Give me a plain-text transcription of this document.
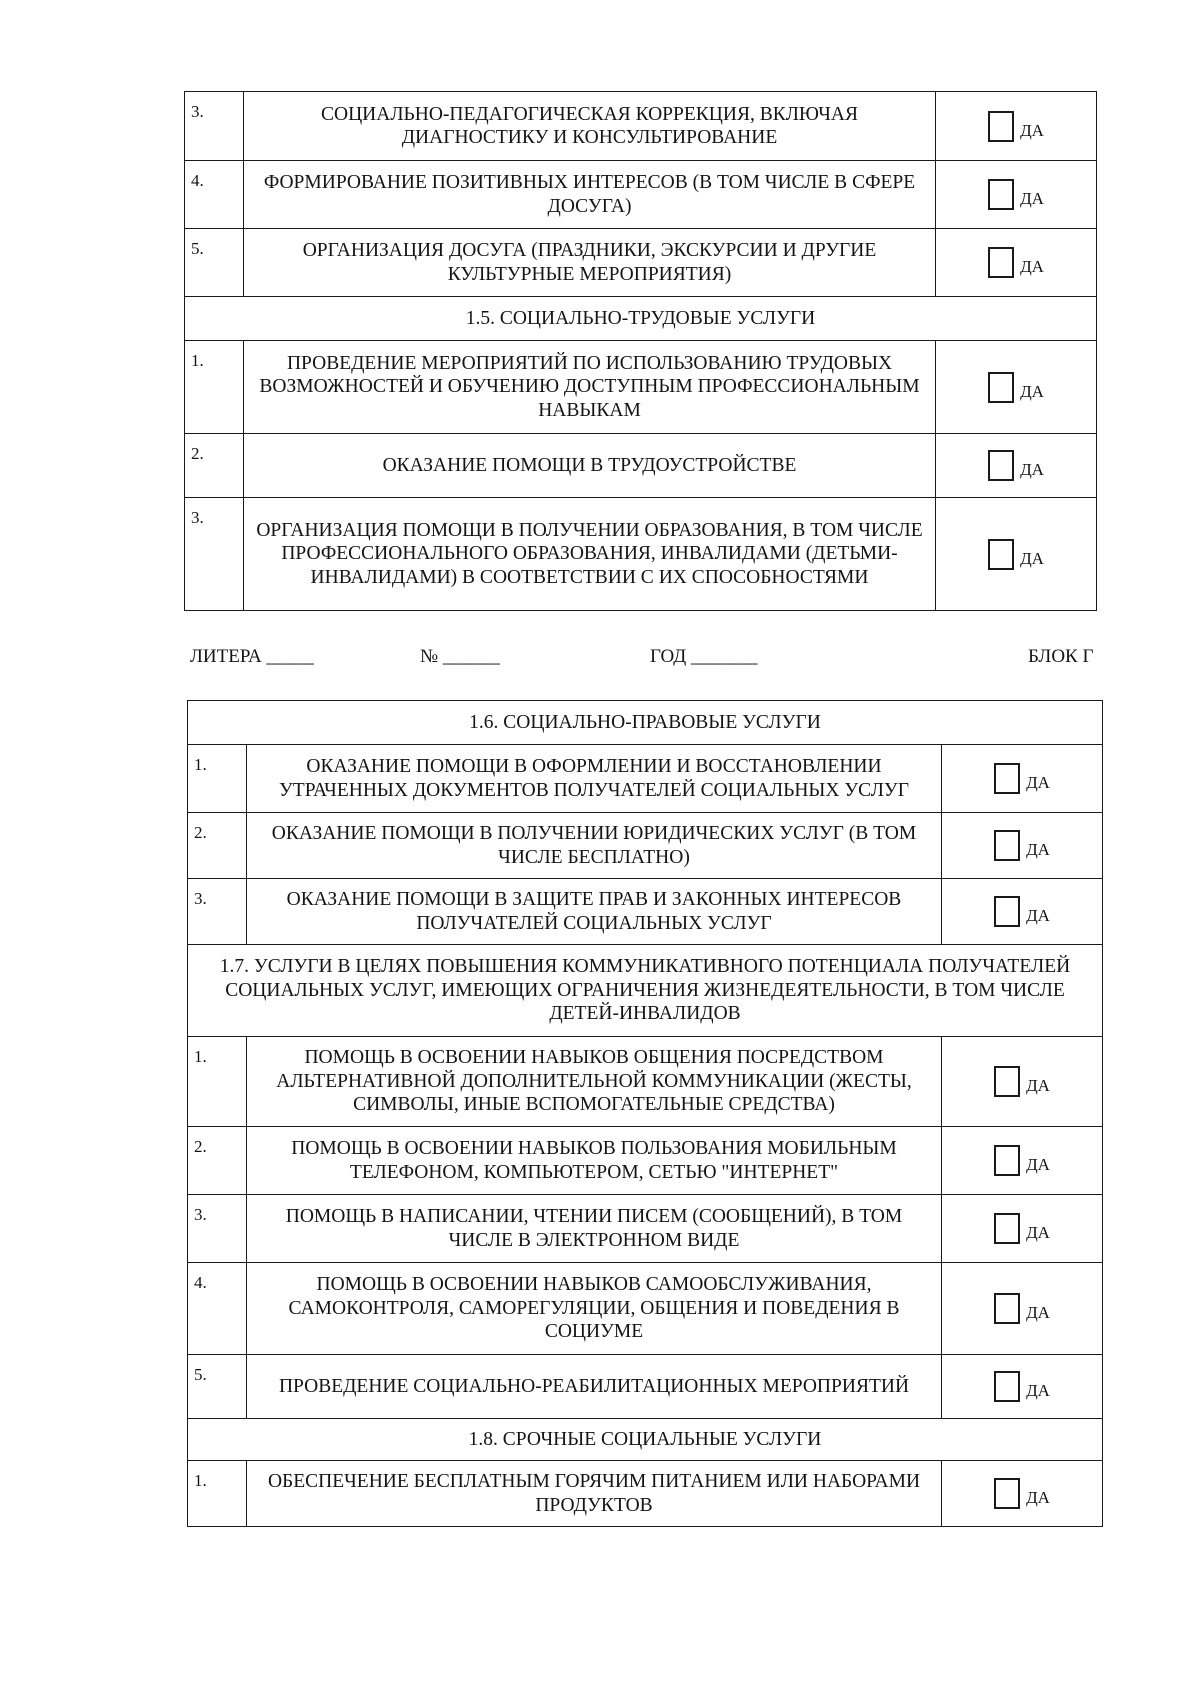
3.	СОЦИАЛЬНО-ПЕДАГОГИЧЕСКАЯ КОРРЕКЦИЯ, ВКЛЮЧАЯ ДИАГНОСТИКУ И КОНСУЛЬТИРОВАНИЕ	ДА
4.	ФОРМИРОВАНИЕ ПОЗИТИВНЫХ ИНТЕРЕСОВ (В ТОМ ЧИСЛЕ В СФЕРЕ ДОСУГА)	ДА
5.	ОРГАНИЗАЦИЯ ДОСУГА (ПРАЗДНИКИ, ЭКСКУРСИИ И ДРУГИЕ КУЛЬТУРНЫЕ МЕРОПРИЯТИЯ)	ДА
1.5. СОЦИАЛЬНО-ТРУДОВЫЕ УСЛУГИ		
1.	ПРОВЕДЕНИЕ МЕРОПРИЯТИЙ ПО ИСПОЛЬЗОВАНИЮ ТРУДОВЫХ ВОЗМОЖНОСТЕЙ И ОБУЧЕНИЮ ДОСТУПНЫМ ПРОФЕССИОНАЛЬНЫМ НАВЫКАМ	ДА
2.	ОКАЗАНИЕ ПОМОЩИ В ТРУДОУСТРОЙСТВЕ	ДА
3.	ОРГАНИЗАЦИЯ ПОМОЩИ В ПОЛУЧЕНИИ ОБРАЗОВАНИЯ, В ТОМ ЧИСЛЕ ПРОФЕССИОНАЛЬНОГО ОБРАЗОВАНИЯ, ИНВАЛИДАМИ (ДЕТЬМИ-ИНВАЛИДАМИ) В СООТВЕТСТВИИ С ИХ СПОСОБНОСТЯМИ	ДА
ЛИТЕРА _____	№ ______	ГОД _______	БЛОК Г
1.6. СОЦИАЛЬНО-ПРАВОВЫЕ УСЛУГИ		
1.	ОКАЗАНИЕ ПОМОЩИ В ОФОРМЛЕНИИ И ВОССТАНОВЛЕНИИ УТРАЧЕННЫХ ДОКУМЕНТОВ ПОЛУЧАТЕЛЕЙ СОЦИАЛЬНЫХ УСЛУГ	ДА
2.	ОКАЗАНИЕ ПОМОЩИ В ПОЛУЧЕНИИ ЮРИДИЧЕСКИХ УСЛУГ (В ТОМ ЧИСЛЕ БЕСПЛАТНО)	ДА
3.	ОКАЗАНИЕ ПОМОЩИ В ЗАЩИТЕ ПРАВ И ЗАКОННЫХ ИНТЕРЕСОВ ПОЛУЧАТЕЛЕЙ СОЦИАЛЬНЫХ УСЛУГ	ДА
1.7. УСЛУГИ В ЦЕЛЯХ ПОВЫШЕНИЯ КОММУНИКАТИВНОГО ПОТЕНЦИАЛА ПОЛУЧАТЕЛЕЙ СОЦИАЛЬНЫХ УСЛУГ, ИМЕЮЩИХ ОГРАНИЧЕНИЯ ЖИЗНЕДЕЯТЕЛЬНОСТИ, В ТОМ ЧИСЛЕ ДЕТЕЙ-ИНВАЛИДОВ		
1.	ПОМОЩЬ В ОСВОЕНИИ НАВЫКОВ ОБЩЕНИЯ ПОСРЕДСТВОМ АЛЬТЕРНАТИВНОЙ ДОПОЛНИТЕЛЬНОЙ КОММУНИКАЦИИ (ЖЕСТЫ, СИМВОЛЫ, ИНЫЕ ВСПОМОГАТЕЛЬНЫЕ СРЕДСТВА)	ДА
2.	ПОМОЩЬ В ОСВОЕНИИ НАВЫКОВ ПОЛЬЗОВАНИЯ МОБИЛЬНЫМ ТЕЛЕФОНОМ, КОМПЬЮТЕРОМ, СЕТЬЮ "ИНТЕРНЕТ"	ДА
3.	ПОМОЩЬ В НАПИСАНИИ, ЧТЕНИИ ПИСЕМ (СООБЩЕНИЙ), В ТОМ ЧИСЛЕ В ЭЛЕКТРОННОМ ВИДЕ	ДА
4.	ПОМОЩЬ В ОСВОЕНИИ НАВЫКОВ САМООБСЛУЖИВАНИЯ, САМОКОНТРОЛЯ, САМОРЕГУЛЯЦИИ, ОБЩЕНИЯ И ПОВЕДЕНИЯ В СОЦИУМЕ	ДА
5.	ПРОВЕДЕНИЕ СОЦИАЛЬНО-РЕАБИЛИТАЦИОННЫХ МЕРОПРИЯТИЙ	ДА
1.8. СРОЧНЫЕ СОЦИАЛЬНЫЕ УСЛУГИ		
1.	ОБЕСПЕЧЕНИЕ БЕСПЛАТНЫМ ГОРЯЧИМ ПИТАНИЕМ ИЛИ НАБОРАМИ ПРОДУКТОВ	ДА
